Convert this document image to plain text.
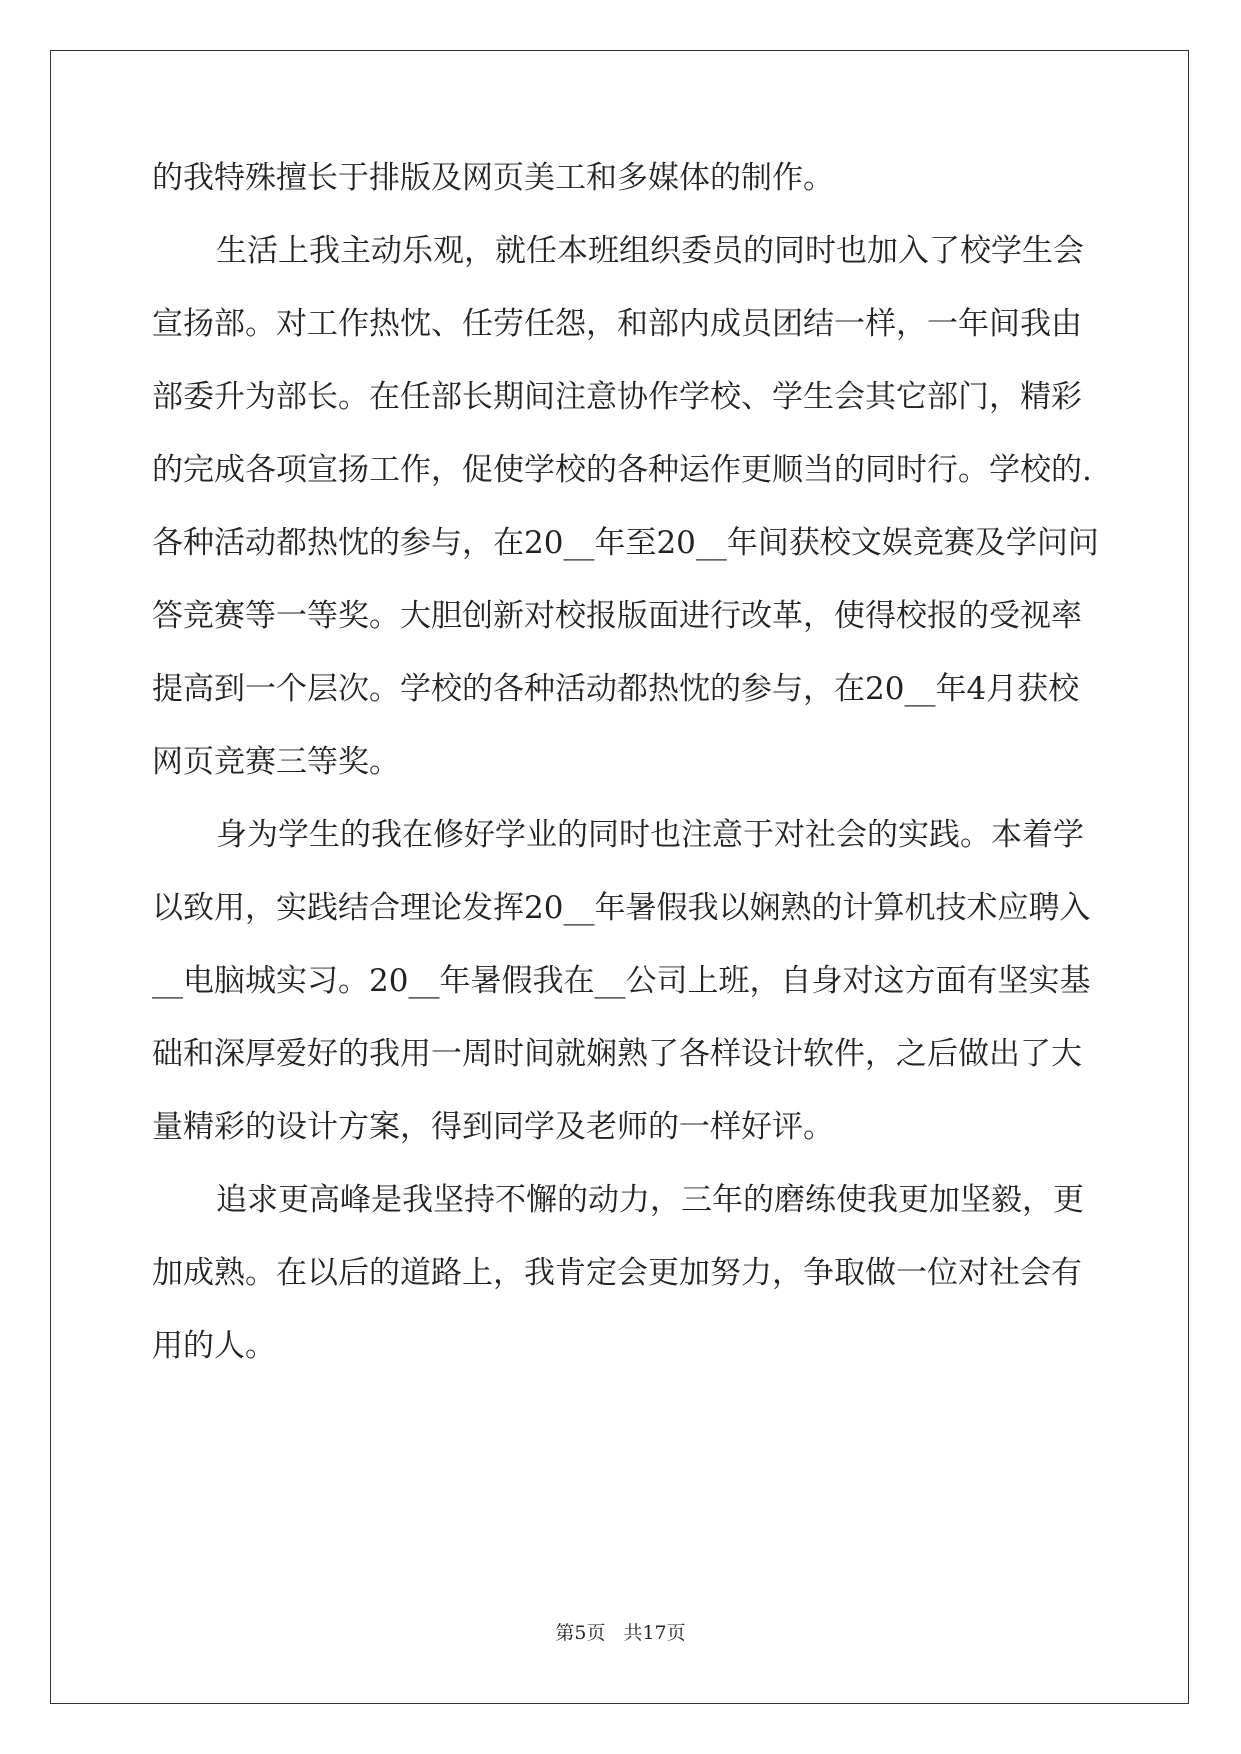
的我特殊擅长于排版及网页美工和多媒体的制作。
生活上我主动乐观，就任本班组织委员的同时也加入了校学生会
宣扬部。对工作热忱、任劳任怨，和部内成员团结一样，一年间我由
部委升为部长。在任部长期间注意协作学校、学生会其它部门，精彩
的完成各项宣扬工作，促使学校的各种运作更顺当的同时行。学校的.
各种活动都热忱的参与，在20__年至20__年间获校文娱竞赛及学问问
答竞赛等一等奖。大胆创新对校报版面进行改革，使得校报的受视率
提高到一个层次。学校的各种活动都热忱的参与，在20__年4月获校
网页竞赛三等奖。
身为学生的我在修好学业的同时也注意于对社会的实践。本着学
以致用，实践结合理论发挥20__年暑假我以娴熟的计算机技术应聘入
__电脑城实习。20__年暑假我在__公司上班，自身对这方面有坚实基
础和深厚爱好的我用一周时间就娴熟了各样设计软件，之后做出了大
量精彩的设计方案，得到同学及老师的一样好评。
追求更高峰是我坚持不懈的动力，三年的磨练使我更加坚毅，更
加成熟。在以后的道路上，我肯定会更加努力，争取做一位对社会有
用的人。
第5页 共17页
